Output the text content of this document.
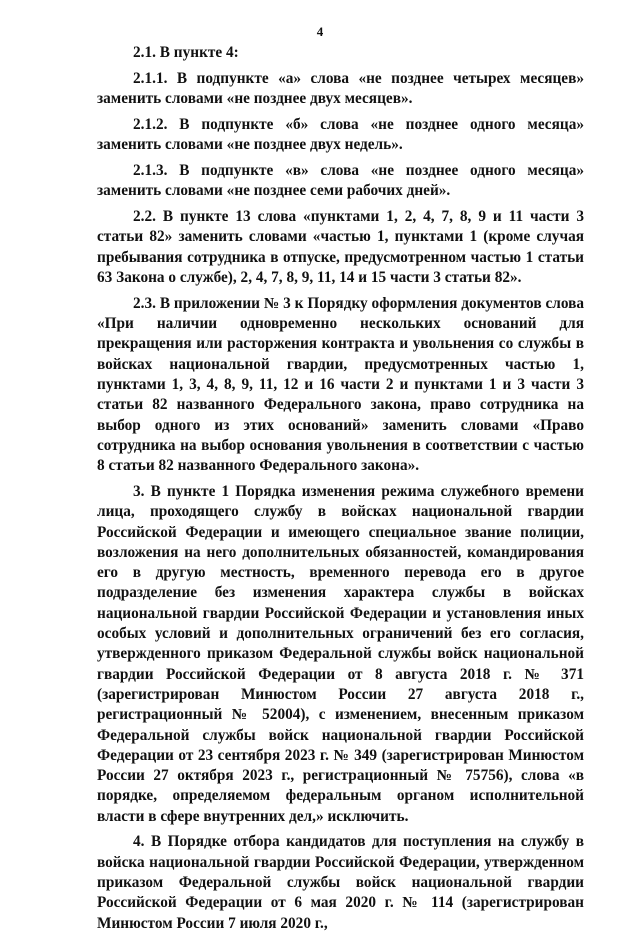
4

2.1. В пункте 4:

2.1.1. В подпункте «а» слова «не позднее четырех месяцев» заменить словами «не позднее двух месяцев».

2.1.2. В подпункте «б» слова «не позднее одного месяца» заменить словами «не позднее двух недель».

2.1.3. В подпункте «в» слова «не позднее одного месяца» заменить словами «не позднее семи рабочих дней».

2.2. В пункте 13 слова «пунктами 1, 2, 4, 7, 8, 9 и 11 части 3 статьи 82» заменить словами «частью 1, пунктами 1 (кроме случая пребывания сотрудника в отпуске, предусмотренном частью 1 статьи 63 Закона о службе), 2, 4, 7, 8, 9, 11, 14 и 15 части 3 статьи 82».

2.3. В приложении № 3 к Порядку оформления документов слова «При наличии одновременно нескольких оснований для прекращения или расторжения контракта и увольнения со службы в войсках национальной гвардии, предусмотренных частью 1, пунктами 1, 3, 4, 8, 9, 11, 12 и 16 части 2 и пунктами 1 и 3 части 3 статьи 82 названного Федерального закона, право сотрудника на выбор одного из этих оснований» заменить словами «Право сотрудника на выбор основания увольнения в соответствии с частью 8 статьи 82 названного Федерального закона».

3. В пункте 1 Порядка изменения режима служебного времени лица, проходящего службу в войсках национальной гвардии Российской Федерации и имеющего специальное звание полиции, возложения на него дополнительных обязанностей, командирования его в другую местность, временного перевода его в другое подразделение без изменения характера службы в войсках национальной гвардии Российской Федерации и установления иных особых условий и дополнительных ограничений без его согласия, утвержденного приказом Федеральной службы войск национальной гвардии Российской Федерации от 8 августа 2018 г. № 371 (зарегистрирован Минюстом России 27 августа 2018 г., регистрационный № 52004), с изменением, внесенным приказом Федеральной службы войск национальной гвардии Российской Федерации от 23 сентября 2023 г. № 349 (зарегистрирован Минюстом России 27 октября 2023 г., регистрационный № 75756), слова «в порядке, определяемом федеральным органом исполнительной власти в сфере внутренних дел,» исключить.

4. В Порядке отбора кандидатов для поступления на службу в войска национальной гвардии Российской Федерации, утвержденном приказом Федеральной службы войск национальной гвардии Российской Федерации от 6 мая 2020 г. № 114 (зарегистрирован Минюстом России 7 июля 2020 г.,
